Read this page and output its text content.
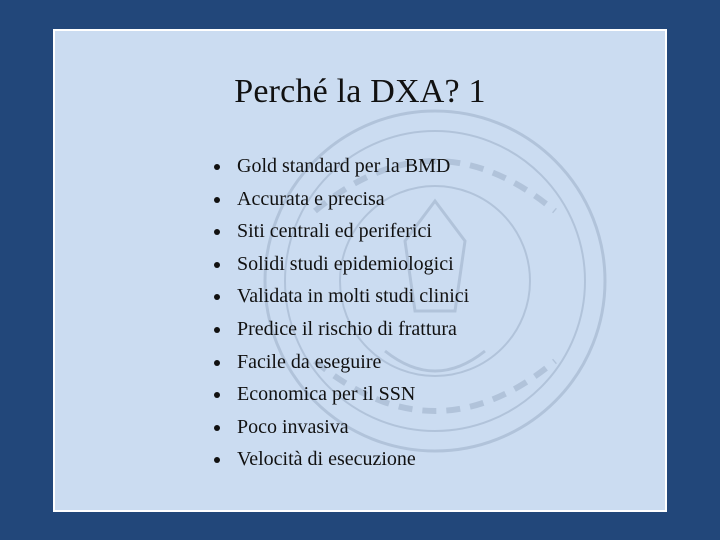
Perché la DXA? 1
Gold standard per la BMD
Accurata e precisa
Siti centrali ed periferici
Solidi studi epidemiologici
Validata in molti studi clinici
Predice il rischio di frattura
Facile da eseguire
Economica per il SSN
Poco invasiva
Velocità di esecuzione
